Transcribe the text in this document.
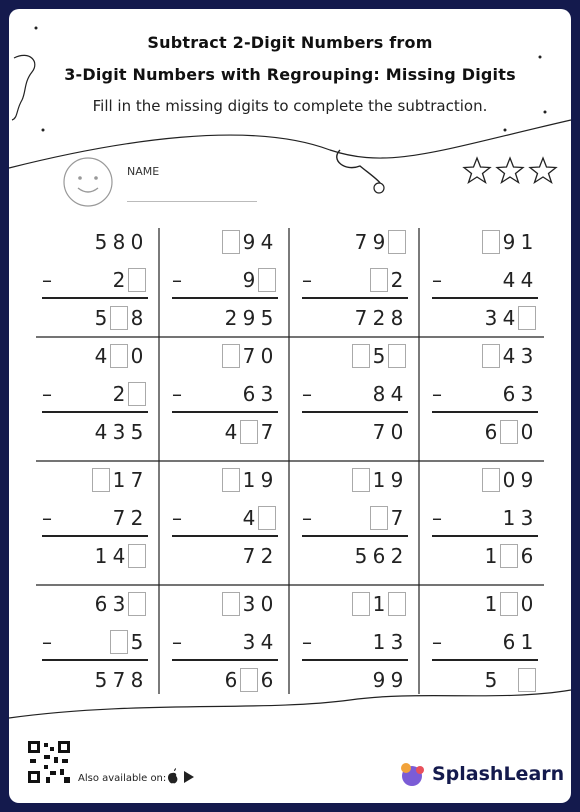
Subtract 2-Digit Numbers from
3-Digit Numbers with Regrouping: Missing Digits
Fill in the missing digits to complete the subtraction.
NAME
5 8 0
2
5 8
–
9 4
9
2 9 5
–
7 9
2
7 2 8
–
9 1
4 4
3 4
–
4 0
2
4 3 5
–
7 0
6 3
4 7
–
5
8 4
7 0
–
4 3
6 3
6 0
–
1 7
7 2
1 4
–
1 9
4
7 2
–
1 9
7
5 6 2
–
0 9
1 3
1 6
–
6 3
5
5 7 8
–
3 0
3 4
6 6
–
1
1 3
9 9
–
1 0
6 1
5
–
Also available on:	SplashLearn
